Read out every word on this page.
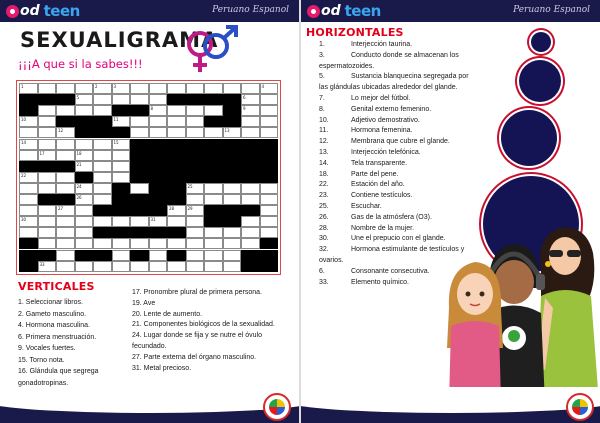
od teen	Peruano Espanol
SEXUALIGRAMA
¡¡¡A que si la sabes!!!
1	2	3	4
5	6
8	9
10	11
12	13
14	15
17	18
21
22
24	25
26
27	28	29
30	31
33
VERTICALES
1. Seleccionar libros.
2. Gameto masculino.
4. Hormona masculina.
6. Primera menstruación.
9. Vocales fuertes.
15. Torno nota.
16. Glándula que segrega gonadotropinas.
17. Pronombre plural de primera persona.
19. Ave
20. Lente de aumento.
21. Componentes biológicos de la sexualidad.
24. Lugar donde se fija y se nutre el óvulo fecundado.
27. Parte externa del órgano masculino.
31. Metal precioso.
od teen	Peruano Espanol
HORIZONTALES
1.	Interjección taurina.
3.	Conducto donde se almacenan los espermatozoides.
5.	Sustancia blanquecina segregada por las glándulas ubicadas alrededor del glande.
7.	Lo mejor del fútbol.
8.	Genital externo femenino.
10.	Adjetivo demostrativo.
11.	Hormona femenina.
12.	Membrana que cubre el glande.
13.	Interjección telefónica.
14.	Tela transparente.
18.	Parte del pene.
22.	Estación del año.
23.	Contiene testículos.
25.	Escuchar.
26.	Gas de la atmósfera (O3).
28.	Nombre de la mujer.
30.	Une el prepucio con el glande.
32.	Hormona estimulante de testículos y ovarios.
6.	Consonante consecutiva.
33.	Elemento químico.
